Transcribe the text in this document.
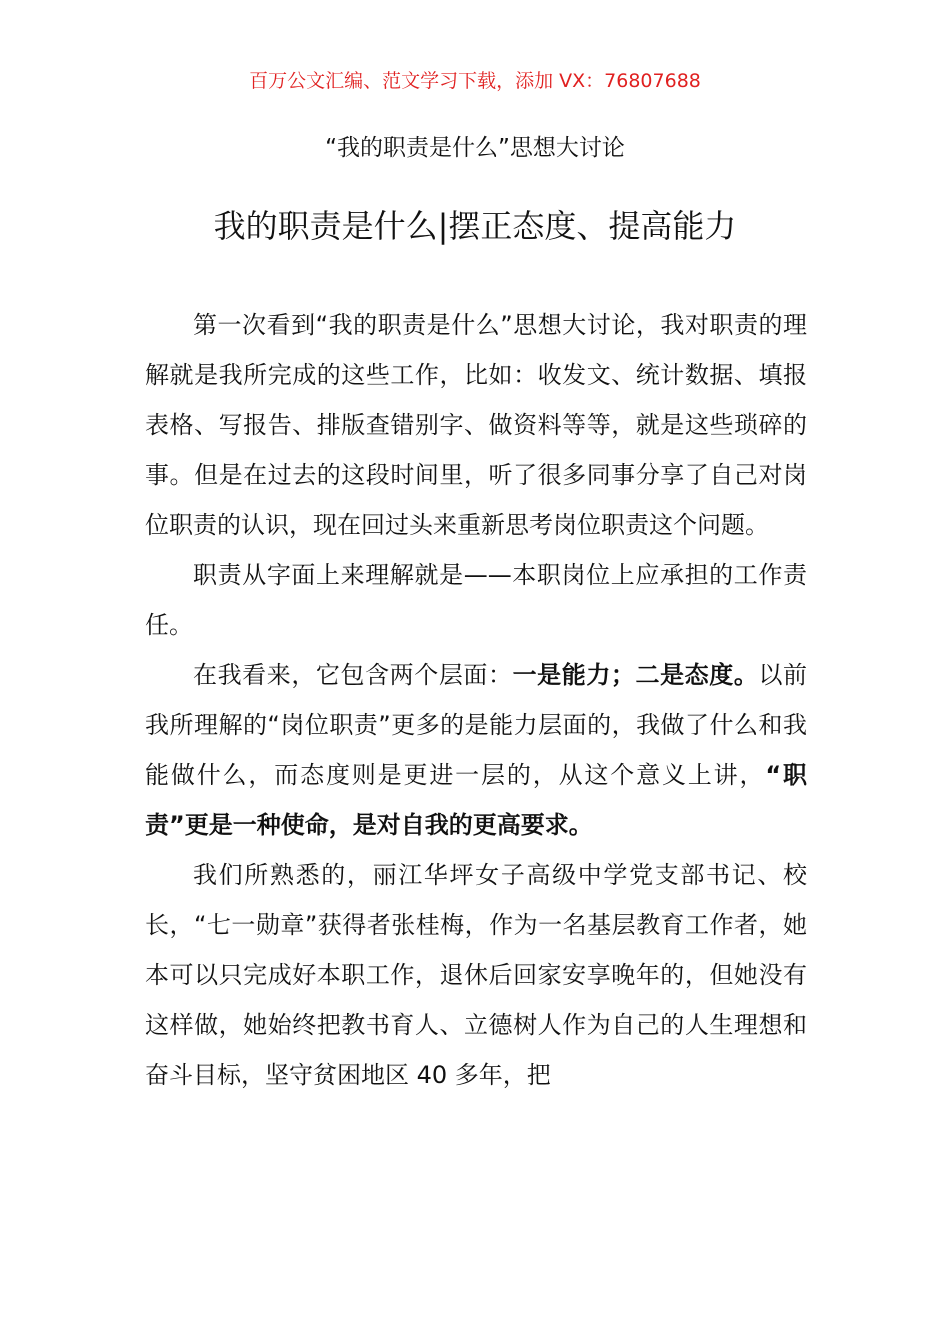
百万公文汇编、范文学习下载，添加 VX：76807688
“我的职责是什么”思想大讨论
我的职责是什么|摆正态度、提高能力

第一次看到“我的职责是什么”思想大讨论，我对职责的理解就是我所完成的这些工作，比如：收发文、统计数据、填报表格、写报告、排版查错别字、做资料等等，就是这些琐碎的事。但是在过去的这段时间里，听了很多同事分享了自己对岗位职责的认识，现在回过头来重新思考岗位职责这个问题。

职责从字面上来理解就是——本职岗位上应承担的工作责任。

在我看来，它包含两个层面：一是能力；二是态度。以前我所理解的“岗位职责”更多的是能力层面的，我做了什么和我能做什么，而态度则是更进一层的，从这个意义上讲，“职责”更是一种使命，是对自我的更高要求。

我们所熟悉的，丽江华坪女子高级中学党支部书记、校长，“七一勋章”获得者张桂梅，作为一名基层教育工作者，她本可以只完成好本职工作，退休后回家安享晚年的，但她没有这样做，她始终把教书育人、立德树人作为自己的人生理想和奋斗目标，坚守贫困地区 40 多年，把
